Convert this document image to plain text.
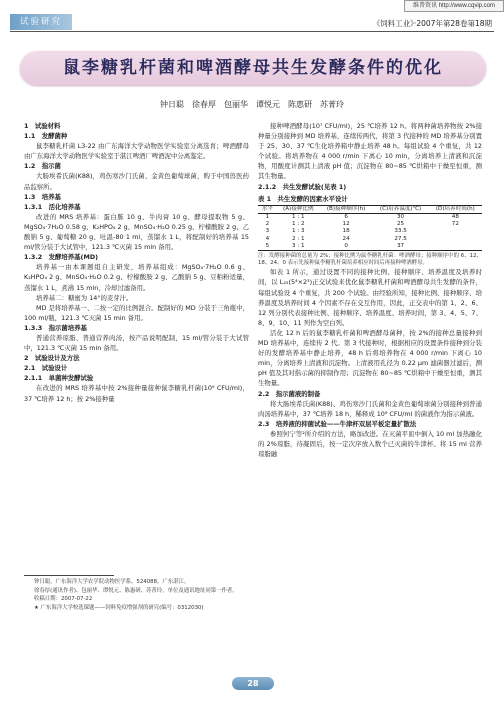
维普资讯 http://www.cqvip.com
试验研究	《饲料工业》·2007年第28卷第18期
鼠李糖乳杆菌和啤酒酵母共生发酵条件的优化
钟日聪　徐春厚　包丽华　谭悦元　陈惠研　苏菁玲

1　试验材料

1.1　发酵菌种

鼠李糖乳杆菌 L3-22 由广东海洋大学动物医学实验室分离选育；啤酒酵母由广东海洋大学动物医学实验室于湛江啤酒厂啤酒泥中分离鉴定。

1.2　指示菌

大肠埃希氏菌(K88)，鸡伤寒沙门氏菌、金黄色葡萄球菌，购于中国兽医药品监察所。

1.3　培养基

1.3.1　活化培养基

改进的 MRS 培养基：蛋白胨 10 g、牛肉膏 10 g、酵母提取物 5 g、MgSO₄·7H₂O 0.58 g、K₂HPO₄ 2 g、MnSO₄·H₂O 0.25 g、柠檬酸胺 2 g、乙酸钠 5 g、葡萄糖 20 g、吐温-80 1 ml，蒸馏水 1 L，将配制好的培养基 15 ml/管分装于大试管中，121.3 ℃灭菌 15 min 备用。

1.3.2　发酵培养基(MD)

培养基一由本课题组自主研发，培养基组成：MgSO₄·7H₂O 0.6 g、K₂HPO₄ 2 g、MnSO₄·H₂O 0.2 g、柠檬酸胺 2 g、乙酸钠 5 g、豆粕粉适量，蒸馏水 1 L，煮沸 15 min，冷却过滤备用。

培养基二：糖蜜为 14°的麦芽汁。

MD 是将培养基一、二按一定的比例混合。配制好的 MD 分装于三角瓶中，100 ml/瓶，121.3 ℃灭菌 15 min 备用。

1.3.3　指示菌培养基

普通营养琼脂、普通营养肉汤，按产品说明配制，15 ml/管分装于大试管中，121.3 ℃灭菌 15 min 备用。

2　试验设计及方法

2.1　试验设计

2.1.1　单菌种发酵试验

在改进的 MRS 培养基中按 2%接种量接种鼠李糖乳杆菌(10⁹ CFU/ml)，37 ℃培养 12 h；按 2%接种量

接种啤酒酵母(10⁷ CFU/ml)，25 ℃培养 12 h。将两种菌培养物按 2%接种量分别接种到 MD 培养基，连续传两代，将第 3 代接种的 MD 培养基分别置于 25、30、37 ℃生化培养箱中静止培养 48 h。每组试验 4 个重复，共 12 个试验。将培养物在 4 000 r/min 下离心 10 min，分离培养上清液和沉淀物，用酸度计测其上清液 pH 值；沉淀物在 80~85 ℃烘箱中干燥至恒重，测其生物量。

2.1.2　共生发酵试验(见表 1)

表 1　共生发酵的因素水平设计

水平	(A)接种比例	(B)接种顺序(h)	(C)培养温度(℃)	(D)培养时间(h)
1	1 : 1	6	30	48
2	1 : 2	12	25	72
3	1 : 3	18	33.5	
4	2 : 1	24	27.5	
5	3 : 1	0	37	

注：发酵接种菌的总量为 2%；接种比例为鼠李糖乳杆菌：啤酒酵母；接种顺序中的 6、12、18、24、0 表示先接种鼠李糖乳杆菌培养相应时间后再接种啤酒酵母。

如表 1 所示，通过设置不同的接种比例、接种顺序、培养温度及培养时间，以 L₂₅(5⁴×2³)正交试验来优化鼠李糖乳杆菌和啤酒酵母共生发酵的条件，每组试验设 4 个重复，共 200 个试验。由经验所知，接种比例、接种顺序、培养温度及培养时间 4 个因素不存在交互作用，因此，正交表中的第 1、2、6、12 列分别代表接种比例、接种顺序、培养温度、培养时间，第 3、4、5、7、8、9、10、11 列作为空白列。

活化 12 h 后的鼠李糖乳杆菌和啤酒酵母菌种，按 2%的接种总量接种到 MD 培养基中，连续传 2 代。第 3 代接种时，根据相应的设置条件接种到分装好的发酵培养基中静止培养，48 h 后将培养物在 4 000 r/min 下离心 10 min，分离培养上清液和沉淀物。上清液用孔径为 0.22 μm 滤菌器过滤后，测 pH 值及其对指示菌的抑制作用；沉淀物在 80~85 ℃烘箱中干燥至恒重，测其生物量。

2.2　指示菌液的制备

将大肠埃希氏菌(K88)、鸡伤寒沙门氏菌和金黄色葡萄球菌分别接种到普通肉汤培养基中，37 ℃培养 18 h，稀释成 10⁸ CFU/ml 的菌液作为指示菌液。

2.3　培养液的抑菌试验——牛津杯双层平板定量扩散法

参照何宁等²所介绍的方法，略加改进。在灭菌平皿中倒入 10 ml 加热融化的 2%琼脂，待凝固后，按一定次序放入数个已灭菌的牛津杯。将 15 ml 营养琼脂融

钟日聪，广东海洋大学农学院动物医学系，524088，广东湛江。

徐春厚(通讯作者)、包丽华、谭悦元、陈惠研、苏菁玲，单位及通讯地址同第一作者。

收稿日期：2007-07-22

★ 广东海洋大学校选课题——饲料免疫增强剂的研究(编号：0312030)

28
